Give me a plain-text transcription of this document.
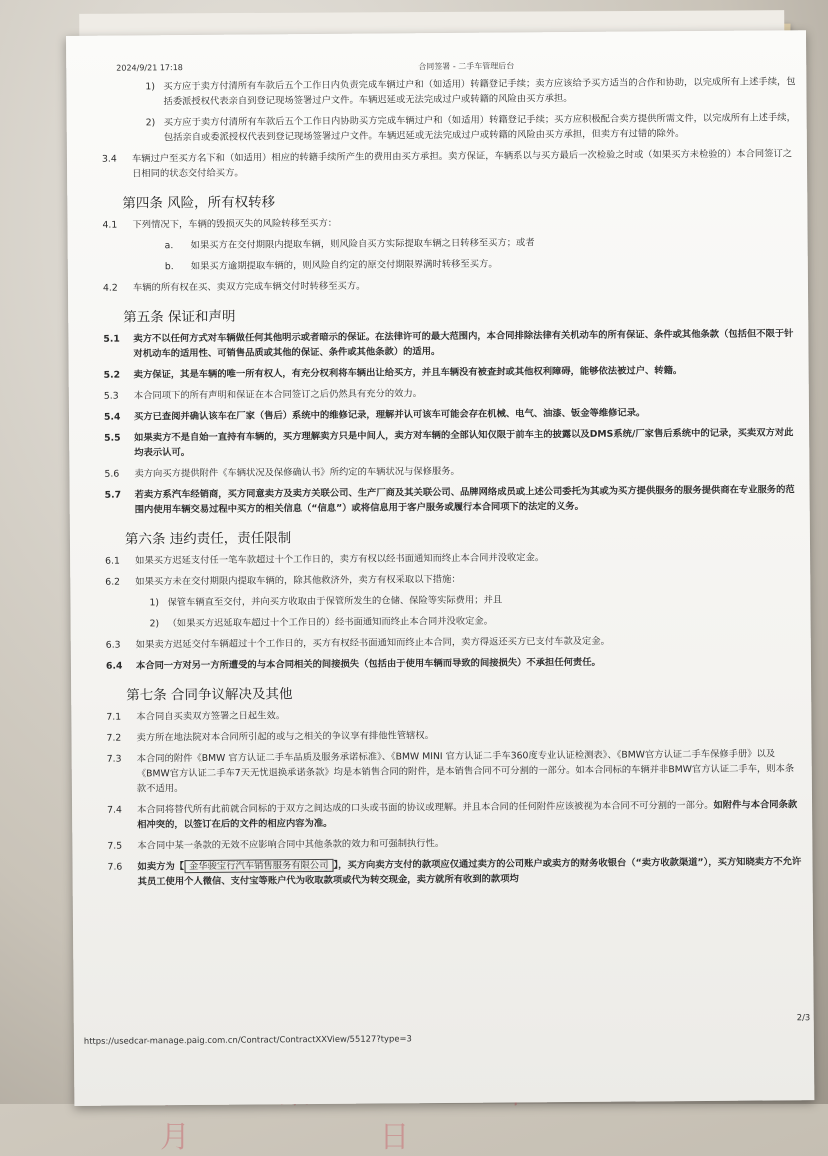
月 日
2024/9/21 17:18	合同签署 - 二手车管理后台
1) 买方应于卖方付清所有车款后五个工作日内负责完成车辆过户和（如适用）转籍登记手续；卖方应该给予买方适当的合作和协助，以完成所有上述手续，包括委派授权代表亲自到登记现场签署过户文件。车辆迟延或无法完成过户或转籍的风险由买方承担。
2) 买方应于卖方付清所有车款后五个工作日内协助买方完成车辆过户和（如适用）转籍登记手续；买方应积极配合卖方提供所需文件，以完成所有上述手续，包括亲自或委派授权代表到登记现场签署过户文件。车辆迟延或无法完成过户或转籍的风险由买方承担，但卖方有过错的除外。
3.4 车辆过户至买方名下和（如适用）相应的转籍手续所产生的费用由买方承担。卖方保证，车辆系以与买方最后一次检验之时或（如果买方未检验的）本合同签订之日相同的状态交付给买方。
第四条 风险，所有权转移
4.1 下列情况下，车辆的毁损灭失的风险转移至买方：
a. 如果买方在交付期限内提取车辆，则风险自买方实际提取车辆之日转移至买方；或者
b. 如果买方逾期提取车辆的，则风险自约定的原交付期限界满时转移至买方。
4.2 车辆的所有权在买、卖双方完成车辆交付时转移至买方。
第五条 保证和声明
5.1 卖方不以任何方式对车辆做任何其他明示或者暗示的保证。在法律许可的最大范围内，本合同排除法律有关机动车的所有保证、条件或其他条款（包括但不限于针对机动车的适用性、可销售品质或其他的保证、条件或其他条款）的适用。
5.2 卖方保证，其是车辆的唯一所有权人，有充分权利将车辆出让给买方，并且车辆没有被查封或其他权利障碍，能够依法被过户、转籍。
5.3 本合同项下的所有声明和保证在本合同签订之后仍然具有充分的效力。
5.4 买方已查阅并确认该车在厂家（售后）系统中的维修记录，理解并认可该车可能会存在机械、电气、油漆、钣金等维修记录。
5.5 如果卖方不是自始一直持有车辆的，买方理解卖方只是中间人，卖方对车辆的全部认知仅限于前车主的披露以及DMS系统/厂家售后系统中的记录，买卖双方对此均表示认可。
5.6 卖方向买方提供附件《车辆状况及保修确认书》所约定的车辆状况与保修服务。
5.7 若卖方系汽车经销商，买方同意卖方及卖方关联公司、生产厂商及其关联公司、品牌网络成员或上述公司委托为其或为买方提供服务的服务提供商在专业服务的范围内使用车辆交易过程中买方的相关信息（“信息”）或将信息用于客户服务或履行本合同项下的法定的义务。
第六条 违约责任，责任限制
6.1 如果买方迟延支付任一笔车款超过十个工作日的，卖方有权以经书面通知而终止本合同并没收定金。
6.2 如果买方未在交付期限内提取车辆的，除其他救济外，卖方有权采取以下措施：
1) 保管车辆直至交付，并向买方收取由于保管所发生的仓储、保险等实际费用；并且
2) （如果买方迟延取车超过十个工作日的）经书面通知而终止本合同并没收定金。
6.3 如果卖方迟延交付车辆超过十个工作日的，买方有权经书面通知而终止本合同，卖方得返还买方已支付车款及定金。
6.4 本合同一方对另一方所遭受的与本合同相关的间接损失（包括由于使用车辆而导致的间接损失）不承担任何责任。
第七条 合同争议解决及其他
7.1 本合同自买卖双方签署之日起生效。
7.2 卖方所在地法院对本合同所引起的或与之相关的争议享有排他性管辖权。
7.3 本合同的附件《BMW 官方认证二手车品质及服务承诺标准》、《BMW MINI 官方认证二手车360度专业认证检测表》、《BMW官方认证二手车保修手册》以及《BMW官方认证二手车7天无忧退换承诺条款》均是本销售合同的附件，是本销售合同不可分割的一部分。如本合同标的车辆并非BMW官方认证二手车，则本条款不适用。
7.4 本合同将替代所有此前就合同标的于双方之间达成的口头或书面的协议或理解。并且本合同的任何附件应该被视为本合同不可分割的一部分。如附件与本合同条款相冲突的，以签订在后的文件的相应内容为准。
7.5 本合同中某一条款的无效不应影响合同中其他条款的效力和可强制执行性。
7.6 如卖方为【 金华骏宝行汽车销售服务有限公司 】，买方向卖方支付的款项应仅通过卖方的公司账户或卖方的财务收银台（“卖方收款渠道”），买方知晓卖方不允许其员工使用个人微信、支付宝等账户代为收取款项或代为转交现金，卖方就所有收到的款项均
2/3
https://usedcar-manage.paig.com.cn/Contract/ContractXXView/55127?type=3
